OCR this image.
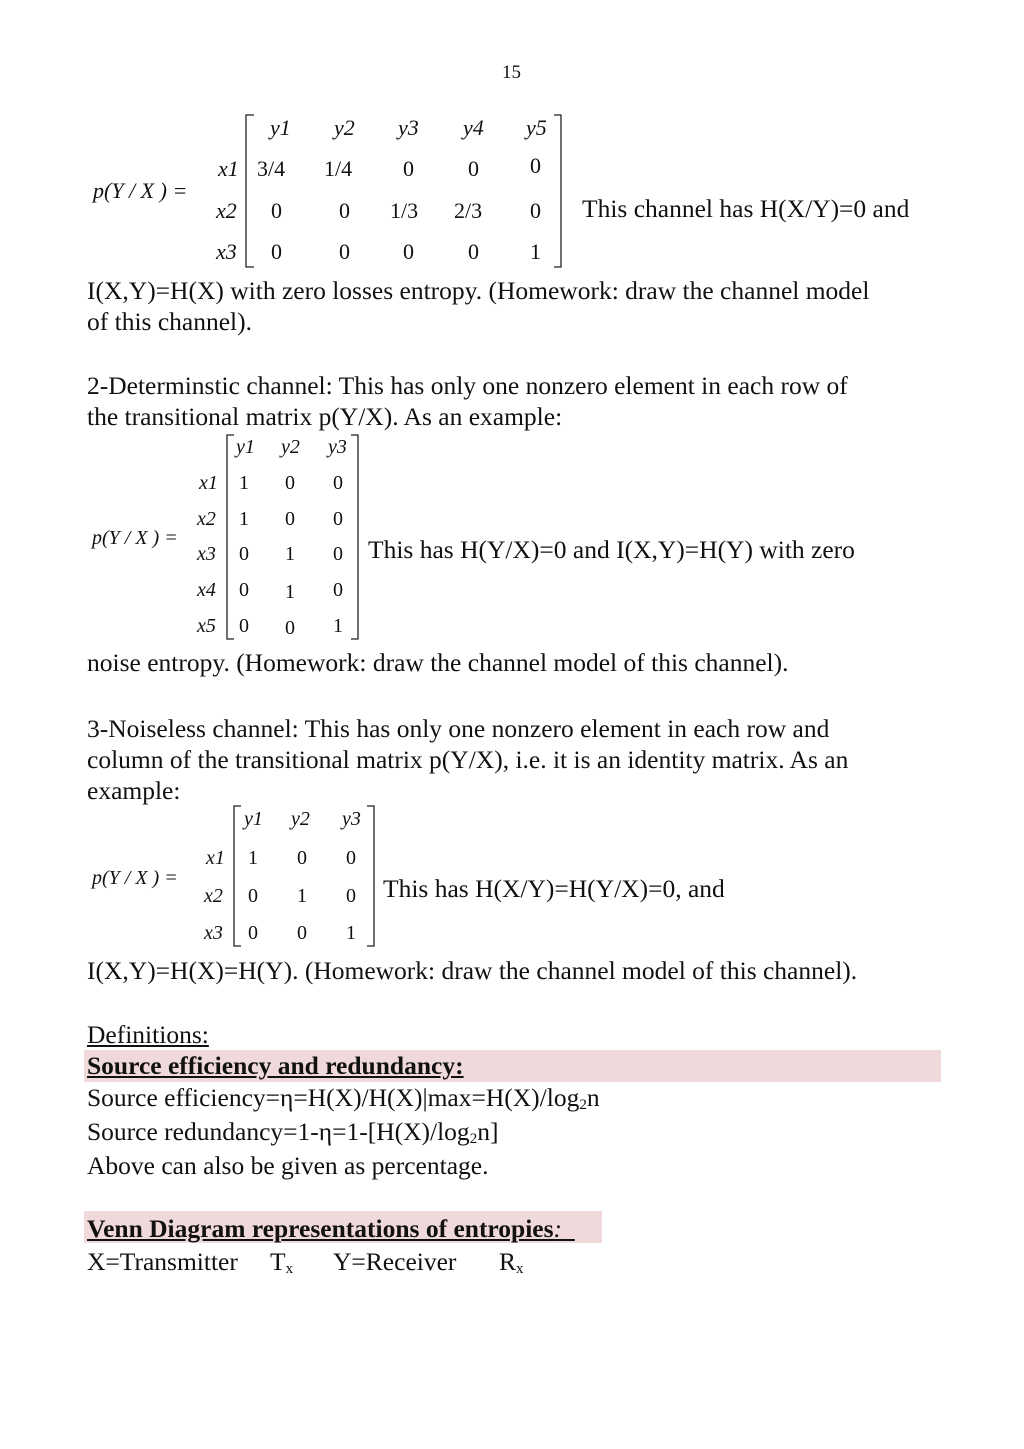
15
p(Y / X ) =
y1 y2 y3 y4 y5
x1
x2
x3
3/4 1/4 0 0 0
0	0 1/3 2/3 0
0	0 0 0 1
This channel has H(X/Y)=0 and
I(X,Y)=H(X) with zero losses entropy. (Homework: draw the channel model
of this channel).
2-Determinstic channel: This has only one nonzero element in each row of
the transitional matrix p(Y/X). As an example:
p(Y / X ) =
y1 y2 y3
x1
x2
x3
x4
x5
1 0 0
1 0 0
0 1 0
0 1 0
0 0 1
This has H(Y/X)=0 and I(X,Y)=H(Y) with zero
noise entropy. (Homework: draw the channel model of this channel).
3-Noiseless channel: This has only one nonzero element in each row and
column of the transitional matrix p(Y/X), i.e. it is an identity matrix. As an
example:
p(Y / X ) =
y1 y2 y3
x1
x2
x3
1 0 0
0 1 0
0 0 1
This has H(X/Y)=H(Y/X)=0, and
I(X,Y)=H(X)=H(Y). (Homework: draw the channel model of this channel).
Definitions:
Source efficiency and redundancy:
Source $efficiency=\eta=H(X)/H(X)|\max=H(X)/\log_2n$
Source $redundancy=1-\eta=1-[H(X)/\log_2n]$
Above can also be given as percentage.
Venn Diagram representations of entropies:
X=Transmitter $T_x$ Y=Receiver $R_x$
